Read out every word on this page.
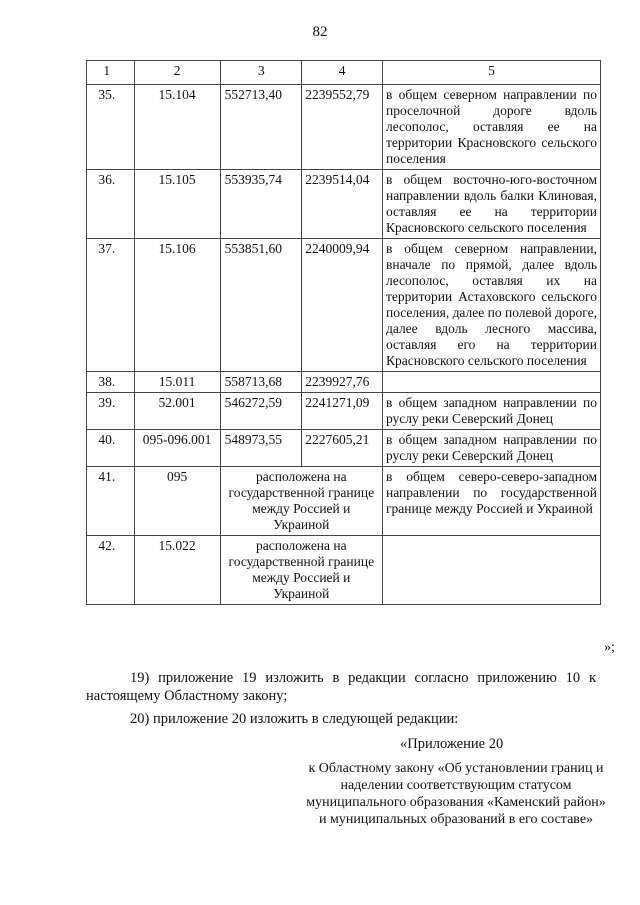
82
1	2	3	4	5
35.	15.104	552713,40	2239552,79	в общем северном направлении по проселочной дороге вдоль лесополос, оставляя ее на территории Красновского сельского поселения
36.	15.105	553935,74	2239514,04	в общем восточно-юго-восточном направлении вдоль балки Клиновая, оставляя ее на территории Красновского сельского поселения
37.	15.106	553851,60	2240009,94	в общем северном направлении, вначале по прямой, далее вдоль лесополос, оставляя их на территории Астаховского сельского поселения, далее по полевой дороге, далее вдоль лесного массива, оставляя его на территории Красновского сельского поселения
38.	15.011	558713,68	2239927,76	
39.	52.001	546272,59	2241271,09	в общем западном направлении по руслу реки Северский Донец
40.	095-096.001	548973,55	2227605,21	в общем западном направлении по руслу реки Северский Донец
41.	095	расположена на государственной границе между Россией и Украиной		в общем северо-северо-западном направлении по государственной границе между Россией и Украиной
42.	15.022	расположена на государственной границе между Россией и Украиной		
»;
19) приложение 19 изложить в редакции согласно приложению 10 к настоящему Областному закону;
20) приложение 20 изложить в следующей редакции:
«Приложение 20
к Областному закону «Об установлении границ и наделении соответствующим статусом муниципального образования «Каменский район» и муниципальных образований в его составе»
